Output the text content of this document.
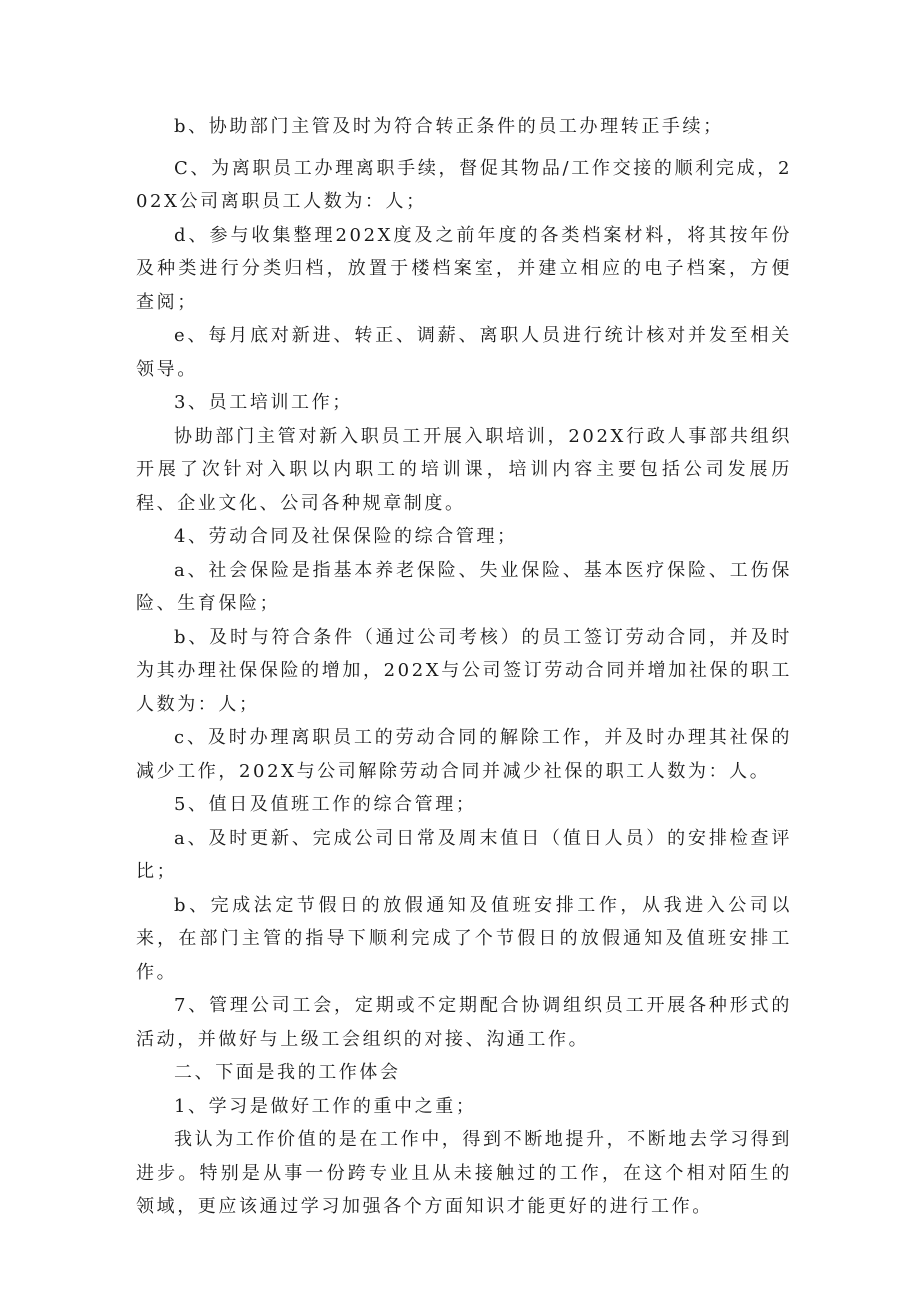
b、协助部门主管及时为符合转正条件的员工办理转正手续；

C、为离职员工办理离职手续，督促其物品/工作交接的顺利完成，202X公司离职员工人数为：人；

d、参与收集整理202X度及之前年度的各类档案材料，将其按年份及种类进行分类归档，放置于楼档案室，并建立相应的电子档案，方便查阅；

e、每月底对新进、转正、调薪、离职人员进行统计核对并发至相关领导。

3、员工培训工作；

协助部门主管对新入职员工开展入职培训，202X行政人事部共组织开展了次针对入职以内职工的培训课，培训内容主要包括公司发展历程、企业文化、公司各种规章制度。

4、劳动合同及社保保险的综合管理；

a、社会保险是指基本养老保险、失业保险、基本医疗保险、工伤保险、生育保险；

b、及时与符合条件（通过公司考核）的员工签订劳动合同，并及时为其办理社保保险的增加，202X与公司签订劳动合同并增加社保的职工人数为：人；

c、及时办理离职员工的劳动合同的解除工作，并及时办理其社保的减少工作，202X与公司解除劳动合同并减少社保的职工人数为：人。

5、值日及值班工作的综合管理；

a、及时更新、完成公司日常及周末值日（值日人员）的安排检查评比；

b、完成法定节假日的放假通知及值班安排工作，从我进入公司以来，在部门主管的指导下顺利完成了个节假日的放假通知及值班安排工作。

7、管理公司工会，定期或不定期配合协调组织员工开展各种形式的活动，并做好与上级工会组织的对接、沟通工作。

二、下面是我的工作体会

1、学习是做好工作的重中之重；

我认为工作价值的是在工作中，得到不断地提升，不断地去学习得到进步。特别是从事一份跨专业且从未接触过的工作，在这个相对陌生的领域，更应该通过学习加强各个方面知识才能更好的进行工作。
